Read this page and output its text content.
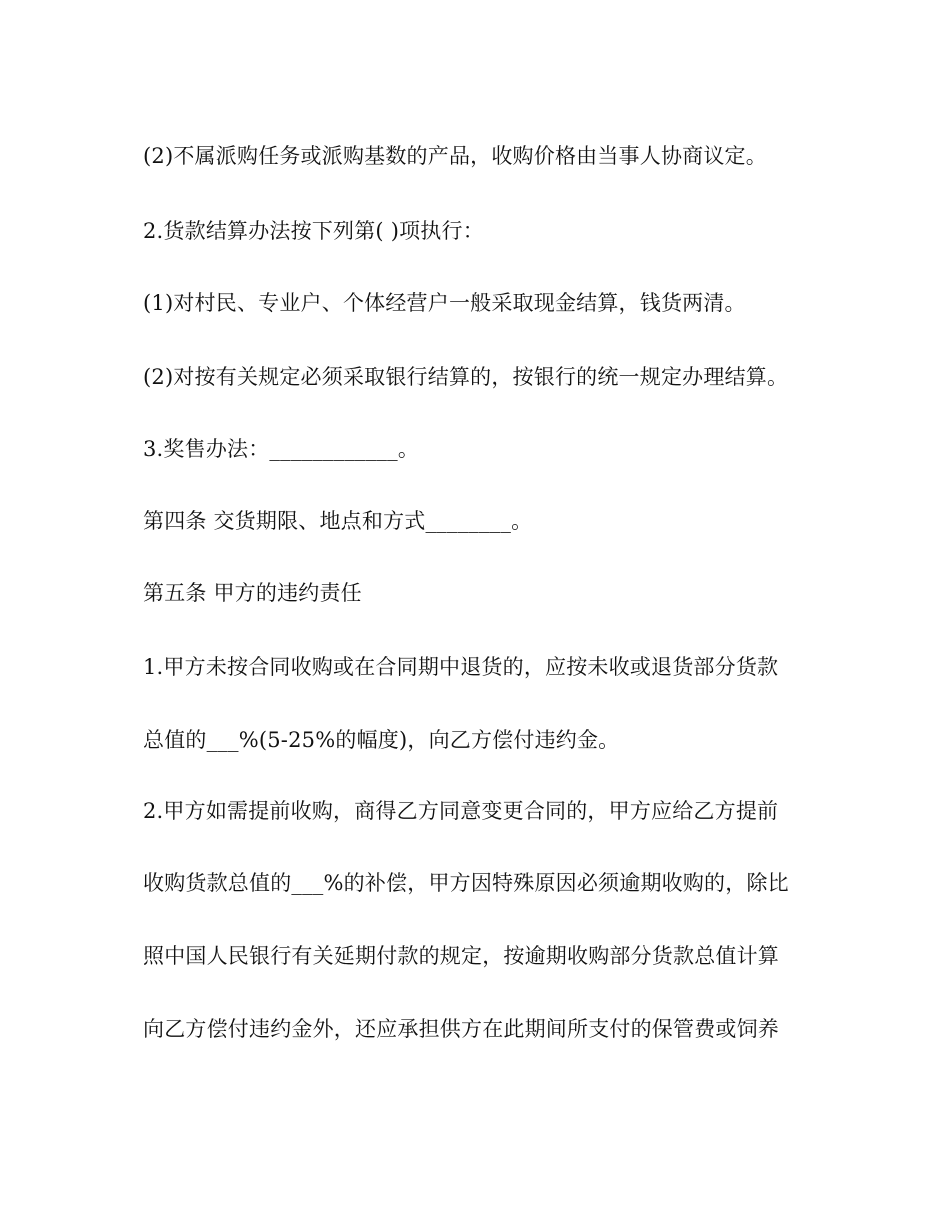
(2)不属派购任务或派购基数的产品，收购价格由当事人协商议定。

2.货款结算办法按下列第( )项执行：

(1)对村民、专业户、个体经营户一般采取现金结算，钱货两清。

(2)对按有关规定必须采取银行结算的，按银行的统一规定办理结算。

3.奖售办法：____________。

第四条 交货期限、地点和方式________。

第五条 甲方的违约责任

1.甲方未按合同收购或在合同期中退货的，应按未收或退货部分货款

总值的___%(5-25%的幅度)，向乙方偿付违约金。

2.甲方如需提前收购，商得乙方同意变更合同的，甲方应给乙方提前

收购货款总值的___%的补偿，甲方因特殊原因必须逾期收购的，除比

照中国人民银行有关延期付款的规定，按逾期收购部分货款总值计算

向乙方偿付违约金外，还应承担供方在此期间所支付的保管费或饲养
